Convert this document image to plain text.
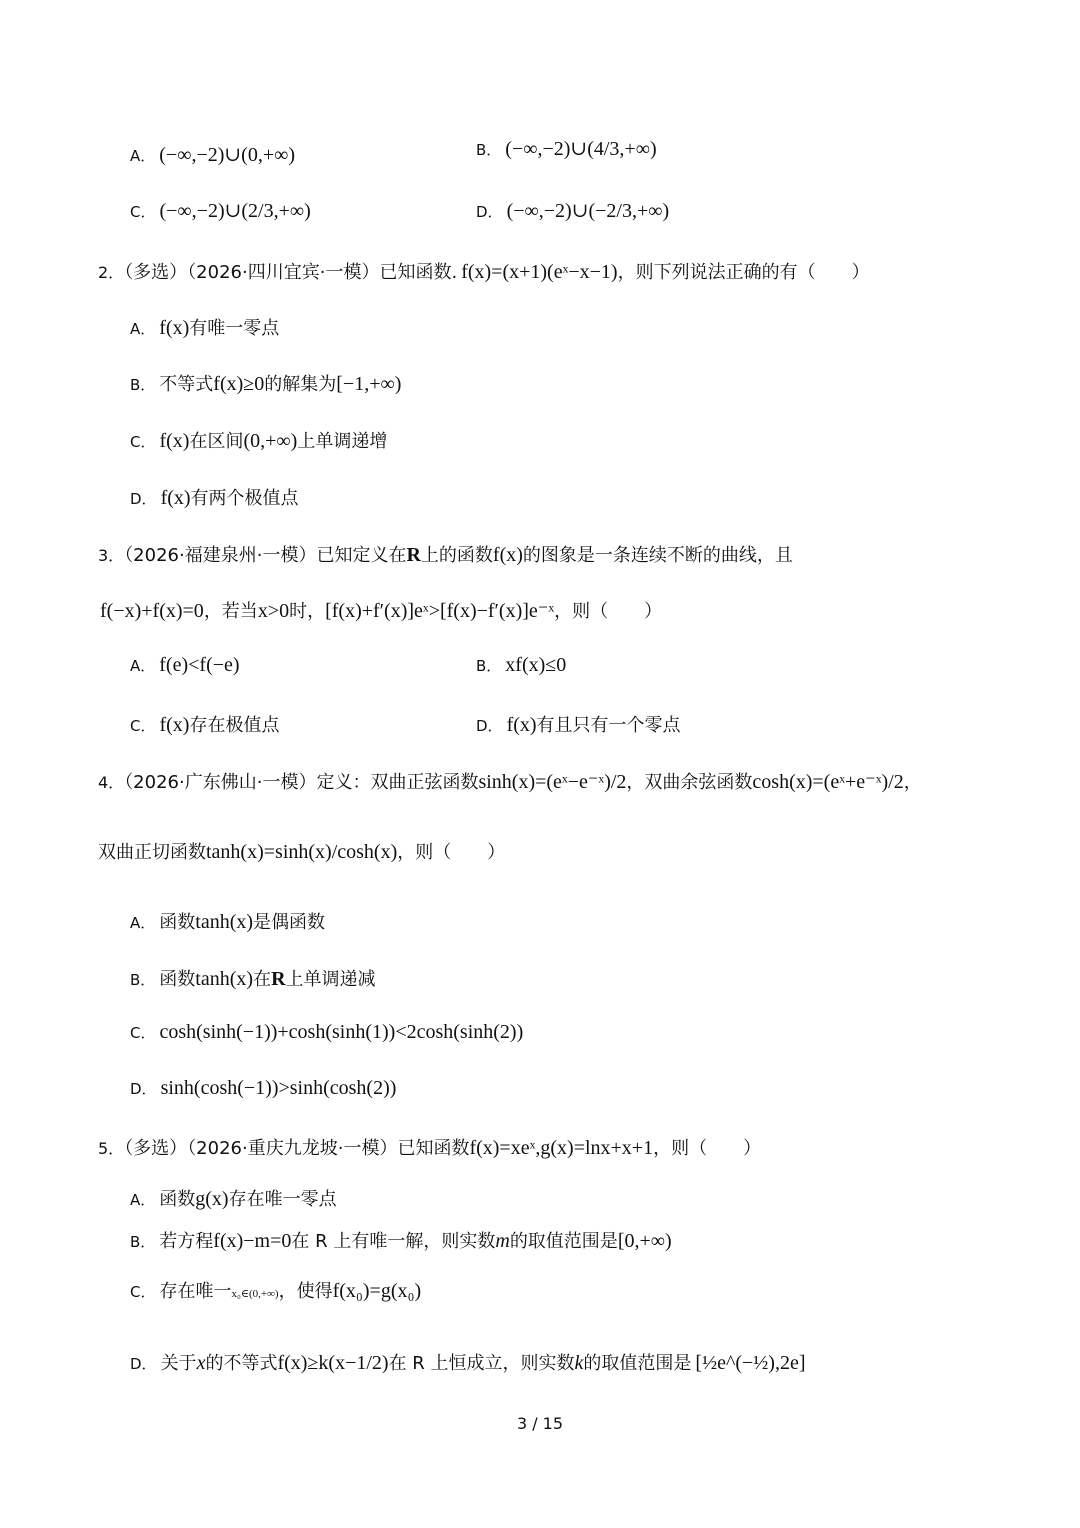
A． (−∞,−2)∪(0,+∞)	B． (−∞,−2)∪(4/3,+∞)
C． (−∞,−2)∪(2/3,+∞)	D． (−∞,−2)∪(−2/3,+∞)
2．（多选）（2026·四川宜宾·一模）已知函数. f(x)=(x+1)(eˣ−x−1)，则下列说法正确的有（　　）
A． f(x)有唯一零点
B． 不等式f(x)≥0的解集为[−1,+∞)
C． f(x)在区间(0,+∞)上单调递增
D． f(x)有两个极值点
3．（2026·福建泉州·一模）已知定义在R上的函数f(x)的图象是一条连续不断的曲线，且
f(−x)+f(x)=0，若当x>0时，[f(x)+f′(x)]eˣ>[f(x)−f′(x)]e⁻ˣ，则（　　）
A． f(e)<f(−e)	B． xf(x)≤0
C． f(x)存在极值点	D． f(x)有且只有一个零点
4．（2026·广东佛山·一模）定义：双曲正弦函数sinh(x)=(eˣ−e⁻ˣ)/2，双曲余弦函数cosh(x)=(eˣ+e⁻ˣ)/2，
双曲正切函数tanh(x)=sinh(x)/cosh(x)，则（　　）
A． 函数tanh(x)是偶函数
B． 函数tanh(x)在R上单调递减
C． cosh(sinh(−1))+cosh(sinh(1))<2cosh(sinh(2))
D． sinh(cosh(−1))>sinh(cosh(2))
5．（多选）（2026·重庆九龙坡·一模）已知函数f(x)=xeˣ,g(x)=lnx+x+1，则（　　）
A． 函数g(x)存在唯一零点
B． 若方程f(x)−m=0在 R 上有唯一解，则实数m的取值范围是[0,+∞)
C． 存在唯一x₀∈(0,+∞)，使得f(x₀)=g(x₀)
D． 关于x的不等式f(x)≥k(x−1/2)在 R 上恒成立，则实数k的取值范围是 [½e^(−½),2e]
3 / 15
